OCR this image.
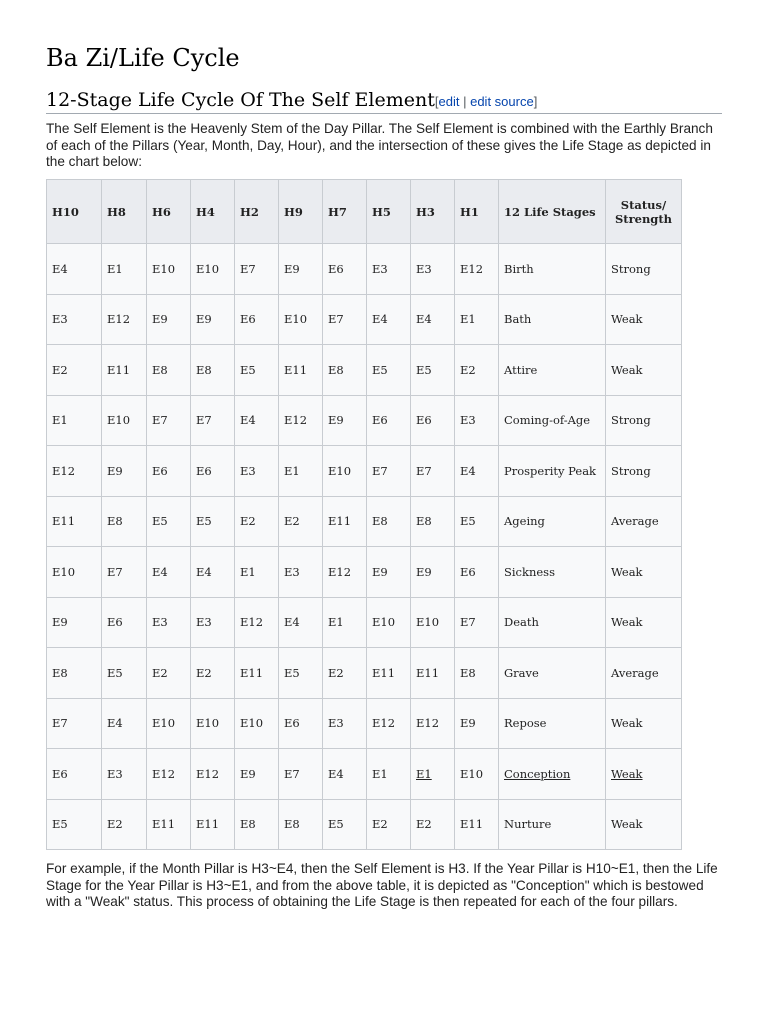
Ba Zi/Life Cycle
12-Stage Life Cycle Of The Self Element[edit | edit source]

The Self Element is the Heavenly Stem of the Day Pillar. The Self Element is combined with the Earthly Branch of each of the Pillars (Year, Month, Day, Hour), and the intersection of these gives the Life Stage as depicted in the chart below:

H10	H8	H6	H4	H2	H9	H7	H5	H3	H1	12 Life Stages	Status/ Strength
E4	E1	E10	E10	E7	E9	E6	E3	E3	E12	Birth	Strong
E3	E12	E9	E9	E6	E10	E7	E4	E4	E1	Bath	Weak
E2	E11	E8	E8	E5	E11	E8	E5	E5	E2	Attire	Weak
E1	E10	E7	E7	E4	E12	E9	E6	E6	E3	Coming-of-Age	Strong
E12	E9	E6	E6	E3	E1	E10	E7	E7	E4	Prosperity Peak	Strong
E11	E8	E5	E5	E2	E2	E11	E8	E8	E5	Ageing	Average
E10	E7	E4	E4	E1	E3	E12	E9	E9	E6	Sickness	Weak
E9	E6	E3	E3	E12	E4	E1	E10	E10	E7	Death	Weak
E8	E5	E2	E2	E11	E5	E2	E11	E11	E8	Grave	Average
E7	E4	E10	E10	E10	E6	E3	E12	E12	E9	Repose	Weak
E6	E3	E12	E12	E9	E7	E4	E1	E1	E10	Conception	Weak
E5	E2	E11	E11	E8	E8	E5	E2	E2	E11	Nurture	Weak

For example, if the Month Pillar is H3~E4, then the Self Element is H3. If the Year Pillar is H10~E1, then the Life Stage for the Year Pillar is H3~E1, and from the above table, it is depicted as "Conception" which is bestowed with a "Weak" status. This process of obtaining the Life Stage is then repeated for each of the four pillars.
